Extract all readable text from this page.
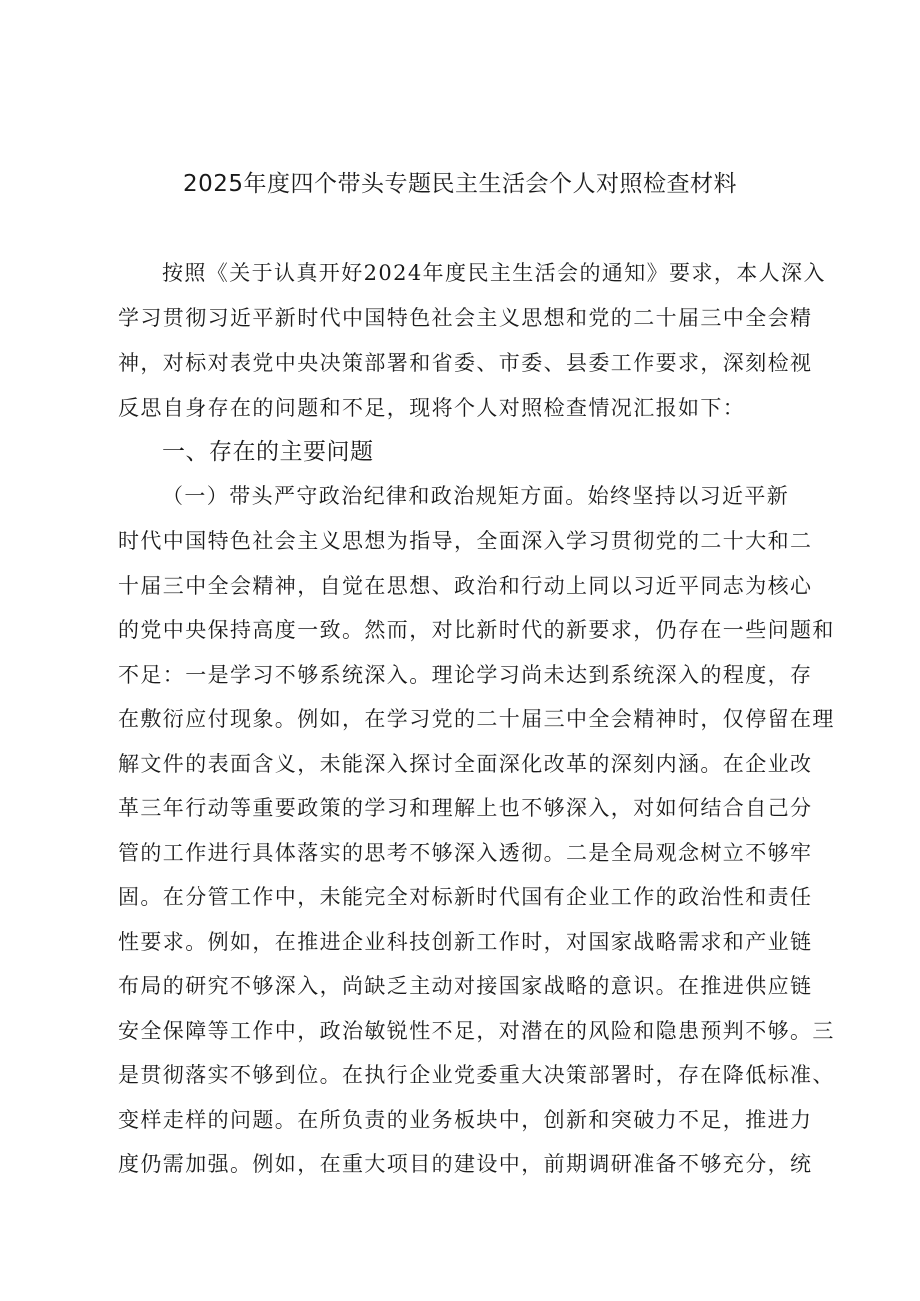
2025年度四个带头专题民主生活会个人对照检查材料
按照《关于认真开好2024年度民主生活会的通知》要求，本人深入
学习贯彻习近平新时代中国特色社会主义思想和党的二十届三中全会精
神，对标对表党中央决策部署和省委、市委、县委工作要求，深刻检视
反思自身存在的问题和不足，现将个人对照检查情况汇报如下：
一、存在的主要问题
（一）带头严守政治纪律和政治规矩方面。始终坚持以习近平新
时代中国特色社会主义思想为指导，全面深入学习贯彻党的二十大和二
十届三中全会精神，自觉在思想、政治和行动上同以习近平同志为核心
的党中央保持高度一致。然而，对比新时代的新要求，仍存在一些问题和
不足：一是学习不够系统深入。理论学习尚未达到系统深入的程度，存
在敷衍应付现象。例如，在学习党的二十届三中全会精神时，仅停留在理
解文件的表面含义，未能深入探讨全面深化改革的深刻内涵。在企业改
革三年行动等重要政策的学习和理解上也不够深入，对如何结合自己分
管的工作进行具体落实的思考不够深入透彻。二是全局观念树立不够牢
固。在分管工作中，未能完全对标新时代国有企业工作的政治性和责任
性要求。例如，在推进企业科技创新工作时，对国家战略需求和产业链
布局的研究不够深入，尚缺乏主动对接国家战略的意识。在推进供应链
安全保障等工作中，政治敏锐性不足，对潜在的风险和隐患预判不够。三
是贯彻落实不够到位。在执行企业党委重大决策部署时，存在降低标准、
变样走样的问题。在所负责的业务板块中，创新和突破力不足，推进力
度仍需加强。例如，在重大项目的建设中，前期调研准备不够充分，统
